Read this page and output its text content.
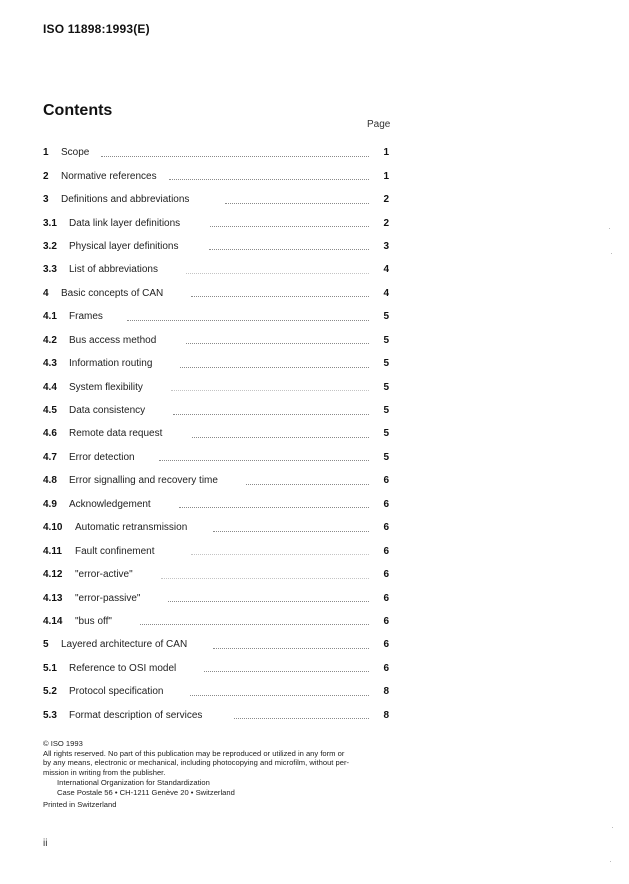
ISO 11898:1993(E)
Contents
Page
1	Scope	1
2	Normative references	1
3	Definitions and abbreviations	2
3.1	Data link layer definitions	2
3.2	Physical layer definitions	3
3.3	List of abbreviations	4
4	Basic concepts of CAN	4
4.1	Frames	5
4.2	Bus access method	5
4.3	Information routing	5
4.4	System flexibility	5
4.5	Data consistency	5
4.6	Remote data request	5
4.7	Error detection	5
4.8	Error signalling and recovery time	6
4.9	Acknowledgement	6
4.10	Automatic retransmission	6
4.11	Fault confinement	6
4.12	"error-active"	6
4.13	"error-passive"	6
4.14	"bus off"	6
5	Layered architecture of CAN	6
5.1	Reference to OSI model	6
5.2	Protocol specification	8
5.3	Format description of services	8
© ISO 1993
All rights reserved. No part of this publication may be reproduced or utilized in any form or
by any means, electronic or mechanical, including photocopying and microfilm, without per-
mission in writing from the publisher.
International Organization for Standardization
Case Postale 56 • CH-1211 Genève 20 • Switzerland
Printed in Switzerland
ii
